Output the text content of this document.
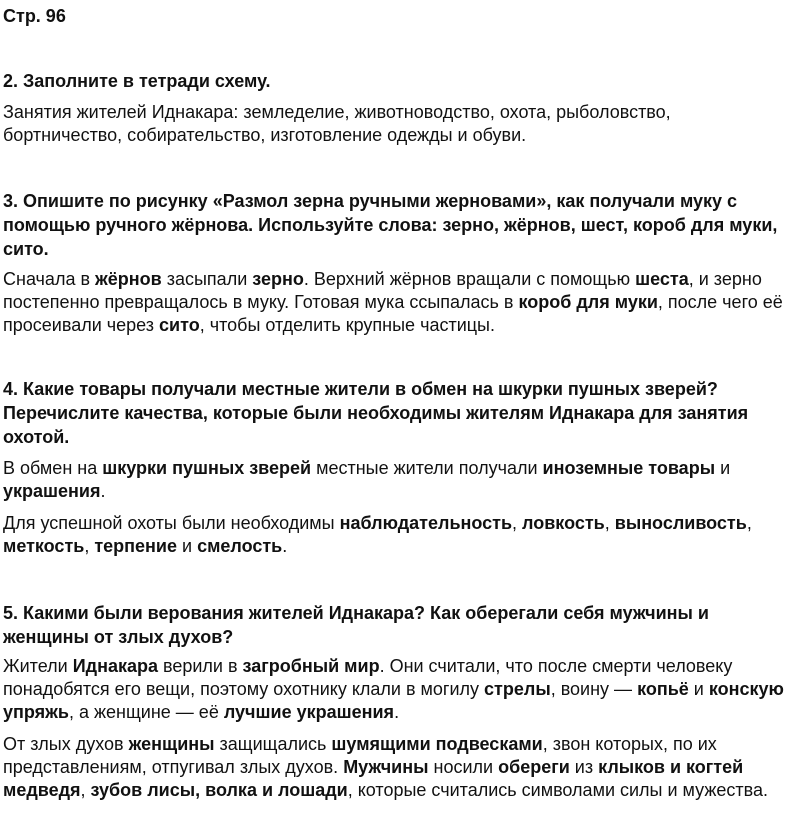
Стр. 96
2. Заполните в тетради схему.
Занятия жителей Иднакара: земледелие, животноводство, охота, рыболовство, бортничество, собирательство, изготовление одежды и обуви.
3. Опишите по рисунку «Размол зерна ручными жерновами», как получали муку с помощью ручного жёрнова. Используйте слова: зерно, жёрнов, шест, короб для муки, сито.
Сначала в жёрнов засыпали зерно. Верхний жёрнов вращали с помощью шеста, и зерно постепенно превращалось в муку. Готовая мука ссыпалась в короб для муки, после чего её просеивали через сито, чтобы отделить крупные частицы.
4. Какие товары получали местные жители в обмен на шкурки пушных зверей? Перечислите качества, которые были необходимы жителям Иднакара для занятия охотой.
В обмен на шкурки пушных зверей местные жители получали иноземные товары и украшения.
Для успешной охоты были необходимы наблюдательность, ловкость, выносливость, меткость, терпение и смелость.
5. Какими были верования жителей Иднакара? Как оберегали себя мужчины и женщины от злых духов?
Жители Иднакара верили в загробный мир. Они считали, что после смерти человеку понадобятся его вещи, поэтому охотнику клали в могилу стрелы, воину — копьё и конскую упряжь, а женщине — её лучшие украшения.
От злых духов женщины защищались шумящими подвесками, звон которых, по их представлениям, отпугивал злых духов. Мужчины носили обереги из клыков и когтей медведя, зубов лисы, волка и лошади, которые считались символами силы и мужества.
